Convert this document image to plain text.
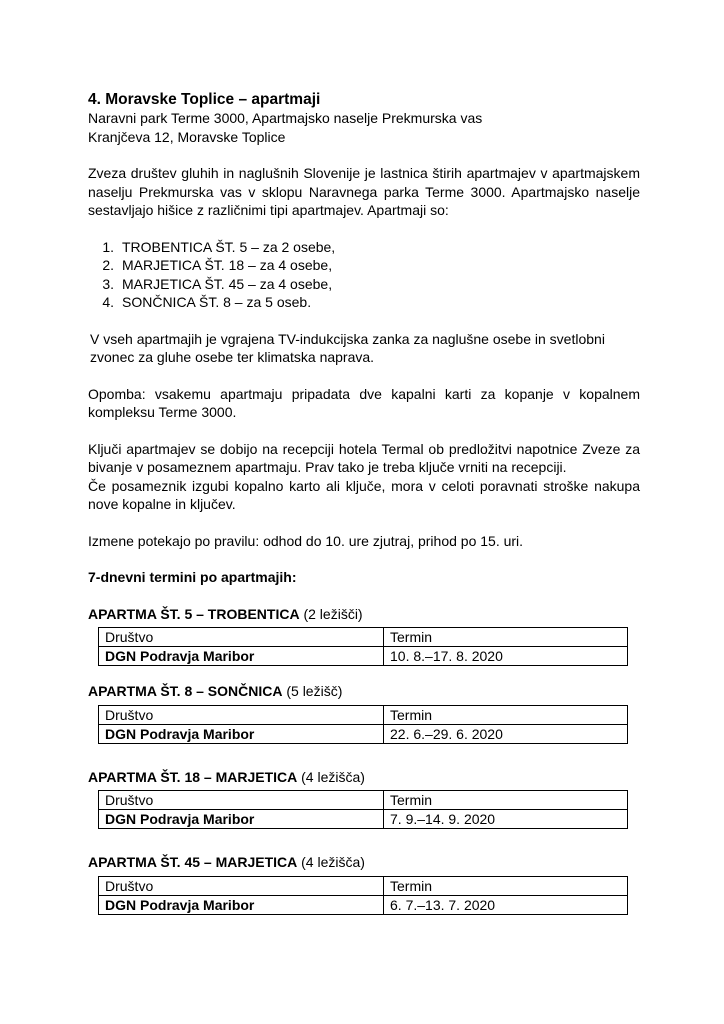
4. Moravske Toplice – apartmaji

Naravni park Terme 3000, Apartmajsko naselje Prekmurska vas

Kranjčeva 12, Moravske Toplice

Zveza društev gluhih in naglušnih Slovenije je lastnica štirih apartmajev v apartmajskem naselju Prekmurska vas v sklopu Naravnega parka Terme 3000. Apartmajsko naselje sestavljajo hišice z različnimi tipi apartmajev. Apartmaji so:

1. TROBENTICA ŠT. 5 – za 2 osebe,
2. MARJETICA ŠT. 18 – za 4 osebe,
3. MARJETICA ŠT. 45 – za 4 osebe,
4. SONČNICA ŠT. 8 – za 5 oseb.

V vseh apartmajih je vgrajena TV-indukcijska zanka za naglušne osebe in svetlobni zvonec za gluhe osebe ter klimatska naprava.

Opomba: vsakemu apartmaju pripadata dve kapalni karti za kopanje v kopalnem kompleksu Terme 3000.

Ključi apartmajev se dobijo na recepciji hotela Termal ob predložitvi napotnice Zveze za bivanje v posameznem apartmaju. Prav tako je treba ključe vrniti na recepciji.

Če posameznik izgubi kopalno karto ali ključe, mora v celoti poravnati stroške nakupa nove kopalne in ključev.

Izmene potekajo po pravilu: odhod do 10. ure zjutraj, prihod po 15. uri.

7-dnevni termini po apartmajih:

APARTMA ŠT. 5 – TROBENTICA (2 ležišči)

Društvo	Termin
DGN Podravja Maribor	10. 8.–17. 8. 2020

APARTMA ŠT. 8 – SONČNICA (5 ležišč)

Društvo	Termin
DGN Podravja Maribor	22. 6.–29. 6. 2020

APARTMA ŠT. 18 – MARJETICA (4 ležišča)

Društvo	Termin
DGN Podravja Maribor	7. 9.–14. 9. 2020

APARTMA ŠT. 45 – MARJETICA (4 ležišča)

Društvo	Termin
DGN Podravja Maribor	6. 7.–13. 7. 2020
